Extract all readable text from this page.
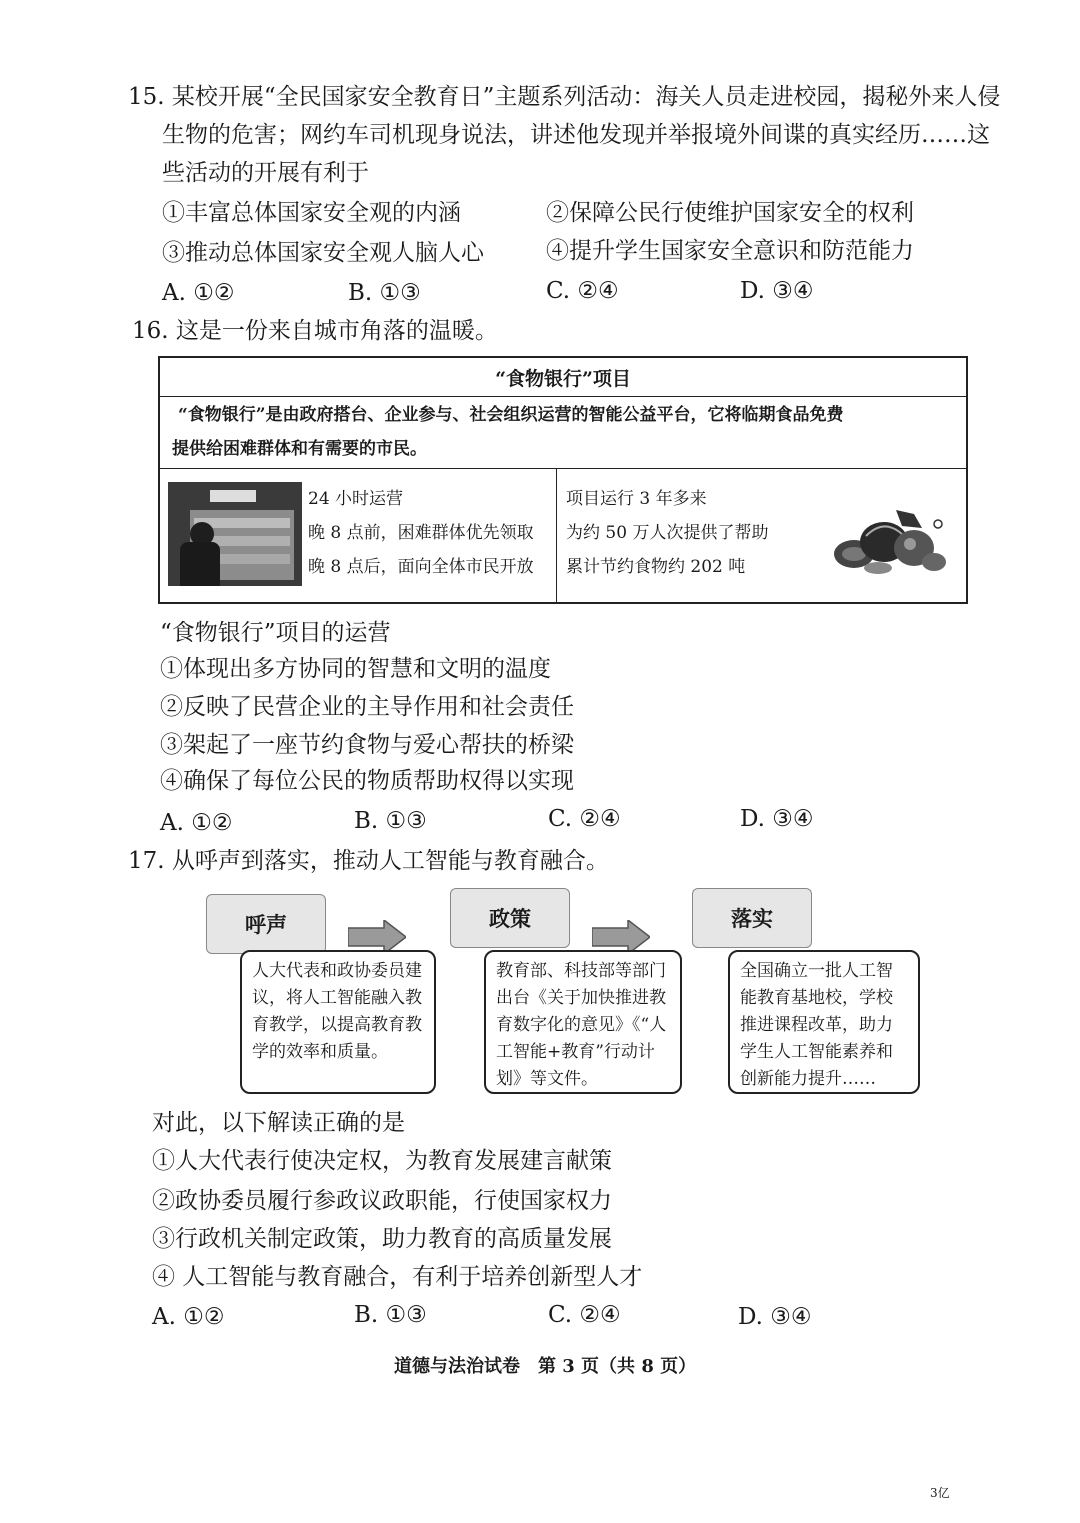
15. 某校开展“全民国家安全教育日”主题系列活动：海关人员走进校园，揭秘外来人侵
生物的危害；网约车司机现身说法，讲述他发现并举报境外间谍的真实经历……这
些活动的开展有利于
①丰富总体国家安全观的内涵	②保障公民行使维护国家安全的权利
③推动总体国家安全观人脑人心	④提升学生国家安全意识和防范能力
A. ①②	B. ①③	C. ②④	D. ③④
16. 这是一份来自城市角落的温暖。
“食物银行”项目
“食物银行”是由政府搭台、企业参与、社会组织运营的智能公益平台，它将临期食品免费
提供给困难群体和有需要的市民。
24 小时运营
晚 8 点前，困难群体优先领取
晚 8 点后，面向全体市民开放
项目运行 3 年多来
为约 50 万人次提供了帮助
累计节约食物约 202 吨
“食物银行”项目的运营
①体现出多方协同的智慧和文明的温度
②反映了民营企业的主导作用和社会责任
③架起了一座节约食物与爱心帮扶的桥梁
④确保了每位公民的物质帮助权得以实现
A. ①②	B. ①③	C. ②④	D. ③④
17. 从呼声到落实，推动人工智能与教育融合。
呼声	政策	落实
人大代表和政协委员建议，将人工智能融入教育教学，以提高教育教学的效率和质量。
教育部、科技部等部门出台《关于加快推进教育数字化的意见》《“人工智能+教育”行动计划》等文件。
全国确立一批人工智能教育基地校，学校推进课程改革，助力学生人工智能素养和创新能力提升……
对此，以下解读正确的是
①人大代表行使决定权，为教育发展建言献策
②政协委员履行参政议政职能，行使国家权力
③行政机关制定政策，助力教育的高质量发展
④ 人工智能与教育融合，有利于培养创新型人才
A. ①②	B. ①③	C. ②④	D. ③④
道德与法治试卷　第 3 页（共 8 页）
3亿
